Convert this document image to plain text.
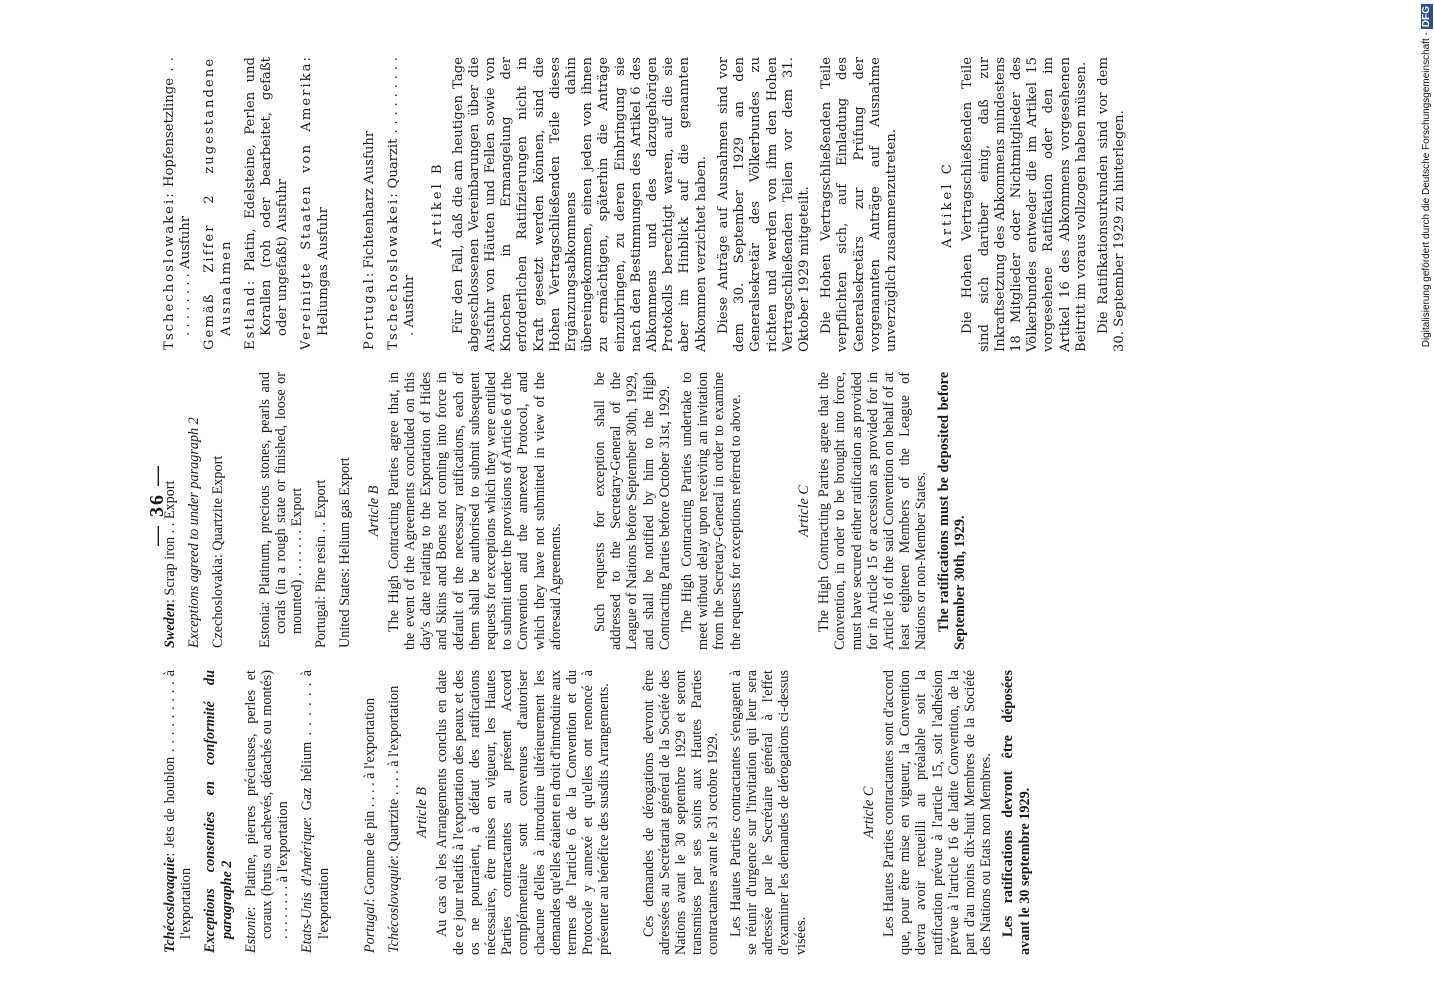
— 36 —
Tchécoslovaquie: Jets de houblon . . . . . . . . . à l'exportation Exceptions consenties en conformité du paragraphe 2 Estonie: Platine, pierres précieuses, perles et coraux (bruts ou achevés, détachés ou montés) . . . . . . . . à l'exportation Etats-Unis d'Amérique: Gaz hélium . . . . . . à l'exportation Portugal: Gomme de pin . . . . à l'exportation
Tchécoslovaquie: Quartzite . . . . à l'exportation Article B Au cas où les Arrangements conclus en date de ce jour relatifs à l'exportation des peaux et des os ne pourraient, à défaut des ratifications nécessaires, être mises en vigueur, les Hautes Parties contractantes au présent Accord complémentaire sont convenues d'autoriser chacune d'elles à introduire ultérieurement les demandes qu'elles étaient en droit d'introduire aux termes de l'article 6 de la Convention et du Protocole y annexé et qu'elles ont renoncé à présenter au bénéfice des susdits Arrangements. Ces demandes de dérogations devront être adressées au Secrétariat général de la Société des Nations avant le 30 septembre 1929 et seront transmises par ses soins aux Hautes Parties contractantes avant le 31 octobre 1929. Les Hautes Parties contractantes s'engagent à se réunir d'urgence sur l'invitation qui leur sera adressée par le Secrétaire général à l'effet d'examiner les demandes de dérogations ci-dessus visées.

Article C Les Hautes Parties contractantes sont d'accord que, pour être mise en vigueur, la Convention devra avoir recueilli au préalable soit la ratification prévue à l'article 15, soit l'adhésion prévue à l'article 16 de ladite Convention, de la part d'au moins dix-huit Membres de la Société des Nations ou Etats non Membres. Les ratifications devront être déposées avant le 30 septembre 1929.

Sweden: Scrap iron . . Export Exceptions agreed to under paragraph 2 Czechoslovakia: Quartzite Export
Estonia: Platinum, precious stones, pearls and corals (in a rough state or finished, loose or mounted) . . . . . . . Export Portugal: Pine resin . . Export
United States: Helium gas Export Article B The High Contracting Parties agree that, in the event of the Agreements concluded on this day's date relating to the Exportation of Hides and Skins and Bones not coming into force in default of the necessary ratifications, each of them shall be authorised to submit subsequent requests for exceptions which they were entitled to submit under the provisions of Article 6 of the Convention and the annexed Protocol, and which they have not submitted in view of the aforesaid Agreements. Such requests for exception shall be addressed to the Secretary-General of the League of Nations before September 30th, 1929, and shall be notified by him to the High Contracting Parties before October 31st, 1929. The High Contracting Parties undertake to meet without delay upon receiving an invitation from the Secretary-General in order to examine the requests for exceptions referred to above.	Article C The High Contracting Parties agree that the Convention, in order to be brought into force, must have secured either ratification as provided for in Article 15 or accession as provided for in Article 16 of the said Convention on behalf of at least eighteen Members of the League of Nations or non-Member States. The ratifications must be deposited before September 30th, 1929.

Tschechoslowakei: Hopfensetzlinge . . . . . . . . . . Ausfuhr Gemäß Ziffer 2 zugestandene Ausnahmen Estland: Platin, Edelsteine, Perlen und Korallen (roh oder bearbeitet, gefaßt oder ungefaßt) Ausfuhr Vereinigte Staaten von Amerika: Heliumgas Ausfuhr Portugal: Fichtenharz Ausfuhr Tschechoslowakei: Quarzit . . . . . . . . . . Ausfuhr
Artikel B Für den Fall, daß die am heutigen Tage abgeschlossenen Vereinbarungen über die Ausfuhr von Häuten und Fellen sowie von Knochen in Ermangelung der erforderlichen Ratifizierungen nicht in Kraft gesetzt werden können, sind die Hohen Vertragschließenden Teile dieses Ergänzungsabkommens dahin übereingekommen, einen jeden von ihnen zu ermächtigen, späterhin die Anträge einzubringen, zu deren Einbringung sie nach den Bestimmungen des Artikel 6 des Abkommens und des dazugehörigen Protokolls berechtigt waren, auf die sie aber im Hinblick auf die genannten Abkommen verzichtet haben. Diese Anträge auf Ausnahmen sind vor dem 30. September 1929 an den Generalsekretär des Völkerbundes zu richten und werden von ihm den Hohen Vertragschließenden Teilen vor dem 31. Oktober 1929 mitgeteilt. Die Hohen Vertragschließenden Teile verpflichten sich, auf Einladung des Generalsekretärs zur Prüfung der vorgenannten Anträge auf Ausnahme unverzüglich zusammenzutreten.	Artikel C Die Hohen Vertragschließenden Teile sind sich darüber einig, daß zur Inkraftsetzung des Abkommens mindestens 18 Mitglieder oder Nichtmitglieder des Völkerbundes entweder die im Artikel 15 vorgesehene Ratifikation oder den im Artikel 16 des Abkommens vorgesehenen Beitritt im voraus vollzogen haben müssen. Die Ratifikationsurkunden sind vor dem 30. September 1929 zu hinterlegen.	Digitalisierung gefördert durch die Deutsche Forschungsgemeinschaft -DFG
